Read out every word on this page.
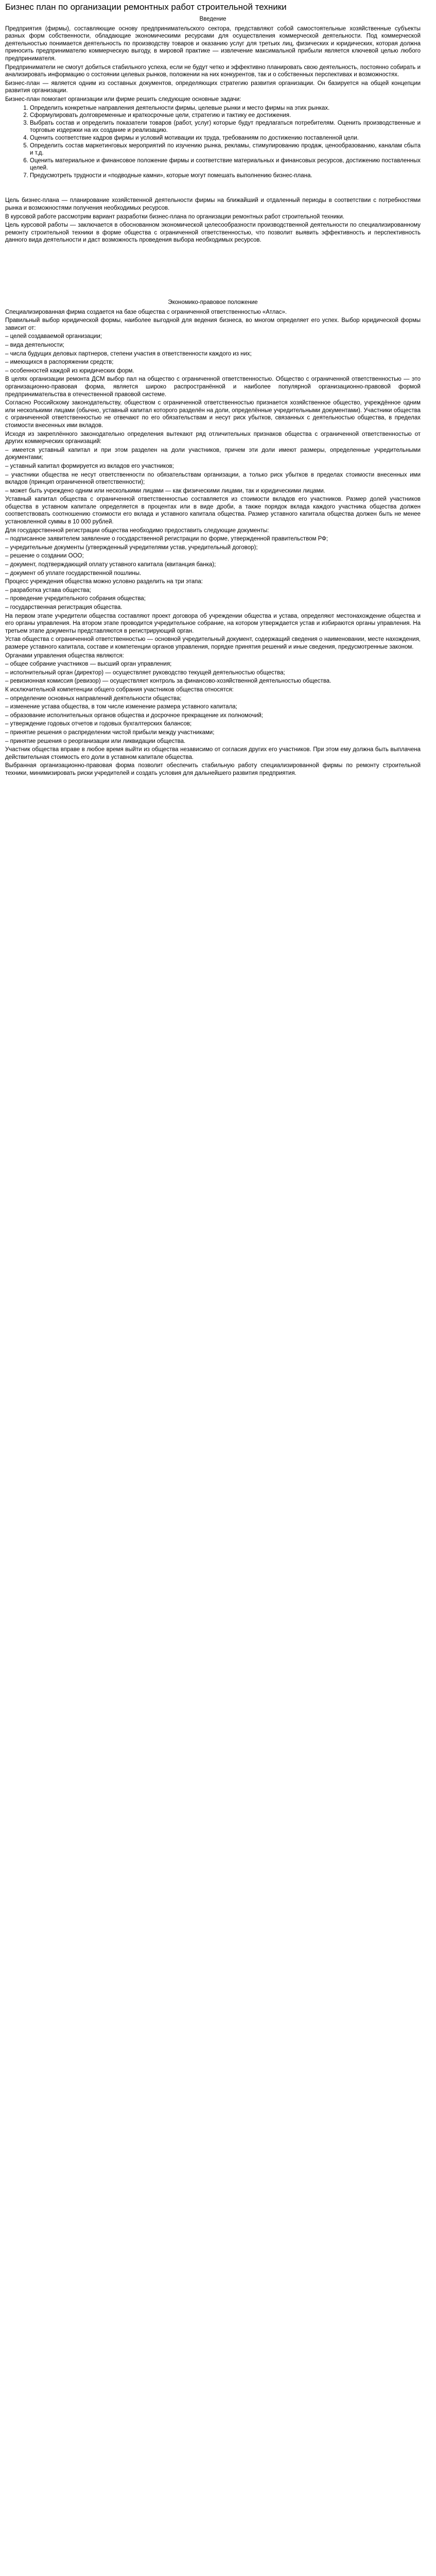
Бизнес план по организации ремонтных работ строительной техники

Введение

Предприятия (фирмы), составляющие основу предпринимательского сектора, представляют собой самостоятельные хозяйственные субъекты разных форм собственности, обладающие экономическими ресурсами для осуществления коммерческой деятельности. Под коммерческой деятельностью понимается деятельность по производству товаров и оказанию услуг для третьих лиц, физических и юридических, которая должна приносить предпринимателю коммерческую выгоду, в мировой практике — извлечение максимальной прибыли является ключевой целью любого предпринимателя.

Предприниматели не смогут добиться стабильного успеха, если не будут четко и эффективно планировать свою деятельность, постоянно собирать и анализировать информацию о состоянии целевых рынков, положении на них конкурентов, так и о собственных перспективах и возможностях.

Бизнес-план — является одним из составных документов, определяющих стратегию развития организации. Он базируется на общей концепции развития организации.

Бизнес-план помогает организации или фирме решить следующие основные задачи:

1. Определить конкретные направления деятельности фирмы, целевые рынки и место фирмы на этих рынках.
2. Сформулировать долговременные и краткосрочные цели, стратегию и тактику ее достижения.
3. Выбрать состав и определить показатели товаров (работ, услуг) которые будут предлагаться потребителям. Оценить производственные и торговые издержки на их создание и реализацию.
4. Оценить соответствие кадров фирмы и условий мотивации их труда, требованиям по достижению поставленной цели.
5. Определить состав маркетинговых мероприятий по изучению рынка, рекламы, стимулированию продаж, ценообразованию, каналам сбыта и т.д.
6. Оценить материальное и финансовое положение фирмы и соответствие материальных и финансовых ресурсов, достижению поставленных целей.
7. Предусмотреть трудности и «подводные камни», которые могут помешать выполнению бизнес-плана.

Цель бизнес-плана — планирование хозяйственной деятельности фирмы на ближайший и отдаленный периоды в соответствии с потребностями рынка и возможностями получения необходимых ресурсов.

В курсовой работе рассмотрим вариант разработки бизнес-плана по организации ремонтных работ строительной техники.

Цель курсовой работы — заключается в обоснованном экономической целесообразности производственной деятельности по специализированному ремонту строительной техники в форме общества с ограниченной ответственностью, что позволит выявить эффективность и перспективность данного вида деятельности и даст возможность проведения выбора необходимых ресурсов.

Экономико-правовое положение

Специализированная фирма создается на базе общества с ограниченной ответственностью «Атлас».

Правильный выбор юридической формы, наиболее выгодной для ведения бизнеса, во многом определяет его успех. Выбор юридической формы зависит от:

– целей создаваемой организации;

– вида деятельности;

– числа будущих деловых партнеров, степени участия в ответственности каждого из них;

– имеющихся в распоряжении средств;

– особенностей каждой из юридических форм.

В целях организации ремонта ДСМ выбор пал на общество с ограниченной ответственностью. Общество с ограниченной ответственностью — это организационно-правовая форма, является широко распространённой и наиболее популярной организационно-правовой формой предпринимательства в отечественной правовой системе.

Согласно Российскому законодательству, обществом с ограниченной ответственностью признается хозяйственное общество, учреждённое одним или несколькими лицами (обычно, уставный капитал которого разделён на доли, определённые учредительными документами). Участники общества с ограниченной ответственностью не отвечают по его обязательствам и несут риск убытков, связанных с деятельностью общества, в пределах стоимости внесенных ими вкладов.

Исходя из закреплённого законодательно определения вытекают ряд отличительных признаков общества с ограниченной ответственностью от других коммерческих организаций:

– имеется уставный капитал и при этом разделен на доли участников, причем эти доли имеют размеры, определенные учредительными документами;

– уставный капитал формируется из вкладов его участников;

– участники общества не несут ответственности по обязательствам организации, а только риск убытков в пределах стоимости внесенных ими вкладов (принцип ограниченной ответственности);

– может быть учреждено одним или несколькими лицами — как физическими лицами, так и юридическими лицами.

Уставный капитал общества с ограниченной ответственностью составляется из стоимости вкладов его участников. Размер долей участников общества в уставном капитале определяется в процентах или в виде дроби, а также порядок вклада каждого участника общества должен соответствовать соотношению стоимости его вклада и уставного капитала общества. Размер уставного капитала общества должен быть не менее установленной суммы в 10 000 рублей.

Для государственной регистрации общества необходимо предоставить следующие документы:

– подписанное заявителем заявление о государственной регистрации по форме, утвержденной правительством РФ;

– учредительные документы (утвержденный учредителями устав, учредительный договор);

– решение о создании ООО;

– документ, подтверждающий оплату уставного капитала (квитанция банка);

– документ об уплате государственной пошлины.

Процесс учреждения общества можно условно разделить на три этапа:

– разработка устава общества;

– проведение учредительного собрания общества;

– государственная регистрация общества.

На первом этапе учредители общества составляют проект договора об учреждении общества и устава, определяют местонахождение общества и его органы управления. На втором этапе проводится учредительное собрание, на котором утверждается устав и избираются органы управления. На третьем этапе документы представляются в регистрирующий орган.

Устав общества с ограниченной ответственностью — основной учредительный документ, содержащий сведения о наименовании, месте нахождения, размере уставного капитала, составе и компетенции органов управления, порядке принятия решений и иные сведения, предусмотренные законом.

Органами управления общества являются:

– общее собрание участников — высший орган управления;

– исполнительный орган (директор) — осуществляет руководство текущей деятельностью общества;

– ревизионная комиссия (ревизор) — осуществляет контроль за финансово-хозяйственной деятельностью общества.

К исключительной компетенции общего собрания участников общества относятся:

– определение основных направлений деятельности общества;

– изменение устава общества, в том числе изменение размера уставного капитала;

– образование исполнительных органов общества и досрочное прекращение их полномочий;

– утверждение годовых отчетов и годовых бухгалтерских балансов;

– принятие решения о распределении чистой прибыли между участниками;

– принятие решения о реорганизации или ликвидации общества.

Участник общества вправе в любое время выйти из общества независимо от согласия других его участников. При этом ему должна быть выплачена действительная стоимость его доли в уставном капитале общества.

Выбранная организационно-правовая форма позволит обеспечить стабильную работу специализированной фирмы по ремонту строительной техники, минимизировать риски учредителей и создать условия для дальнейшего развития предприятия.
